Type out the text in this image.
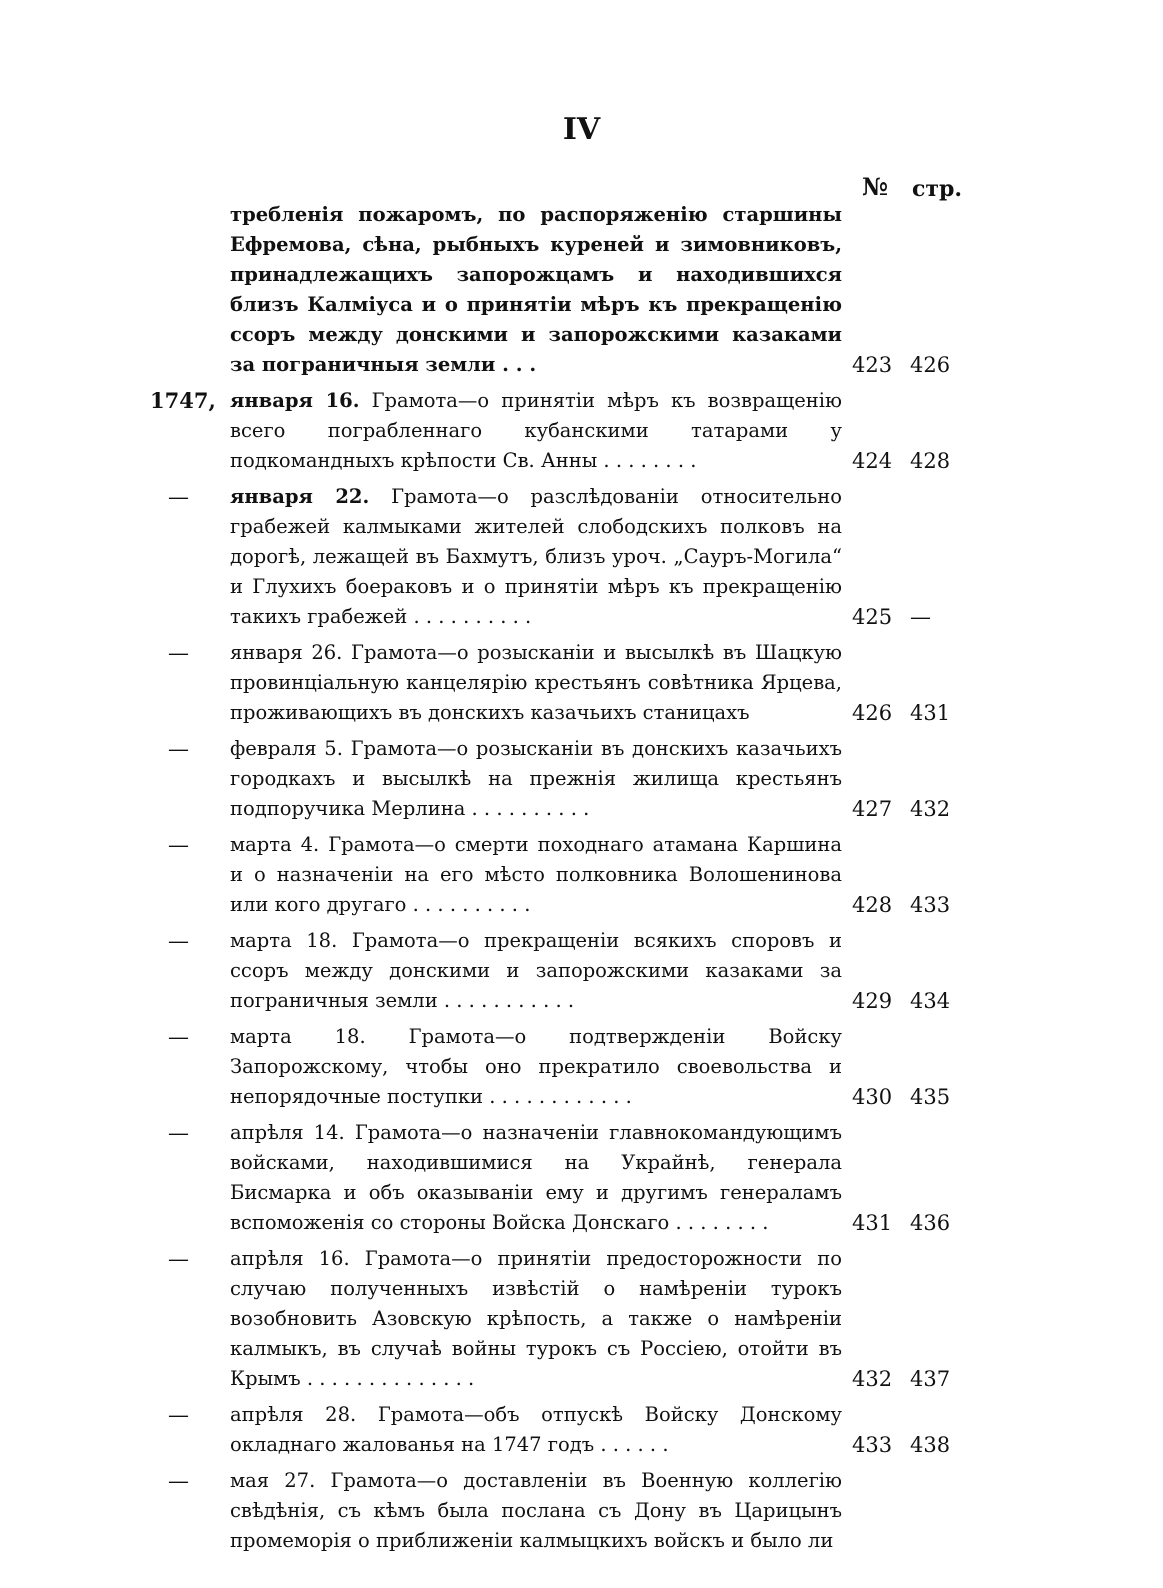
IV
№ стр.
требленія пожаромъ, по распоряженію старшины Ефремова, сѣна, рыбныхъ куреней и зимовниковъ, принадлежащихъ запорожцамъ и находившихся близъ Калміуса и о принятіи мѣръ къ прекращенію ссоръ между донскими и запорожскими казаками за пограничныя земли . . .	423 426
1747, января 16. Грамота—о принятіи мѣръ къ возвращенію всего пограбленнаго кубанскими татарами у подкомандныхъ крѣпости Св. Анны . . . . . . . .	424 428
—	января 22. Грамота—о разслѣдованіи относительно грабежей калмыками жителей слободскихъ полковъ на дорогѣ, лежащей въ Бахмутъ, близъ уроч. „Сауръ-Могила“ и Глухихъ боераковъ и о принятіи мѣръ къ прекращенію такихъ грабежей . . . . . . . . . .	425 —
—	января 26. Грамота—о розысканіи и высылкѣ въ Шацкую провинціальную канцелярію крестьянъ совѣтника Ярцева, проживающихъ въ донскихъ казачьихъ станицахъ	426 431
—	февраля 5. Грамота—о розысканіи въ донскихъ казачьихъ городкахъ и высылкѣ на прежнія жилища крестьянъ подпоручика Мерлина . . . . . . . . . .	427 432
—	марта 4. Грамота—о смерти походнаго атамана Каршина и о назначеніи на его мѣсто полковника Волошенинова или кого другаго . . . . . . . . . .	428 433
—	марта 18. Грамота—о прекращеніи всякихъ споровъ и ссоръ между донскими и запорожскими казаками за пограничныя земли . . . . . . . . . . .	429 434
—	марта 18. Грамота—о подтвержденіи Войску Запорожскому, чтобы оно прекратило своевольства и непорядочные поступки . . . . . . . . . . . .	430 435
—	апрѣля 14. Грамота—о назначеніи главнокомандующимъ войсками, находившимися на Украйнѣ, генерала Бисмарка и объ оказываніи ему и другимъ генераламъ вспоможенія со стороны Войска Донскаго . . . . . . . .	431 436
—	апрѣля 16. Грамота—о принятіи предосторожности по случаю полученныхъ извѣстій о намѣреніи турокъ возобновить Азовскую крѣпость, а также о намѣреніи калмыкъ, въ случаѣ войны турокъ съ Россіею, отойти въ Крымъ . . . . . . . . . . . . . .	432 437
—	апрѣля 28. Грамота—объ отпускѣ Войску Донскому окладнаго жалованья на 1747 годъ . . . . . .	433 438
—	мая 27. Грамота—о доставленіи въ Военную коллегію свѣдѣнія, съ кѣмъ была послана съ Дону въ Царицынъ промеморія о приближеніи калмыцкихъ войскъ и было ли
